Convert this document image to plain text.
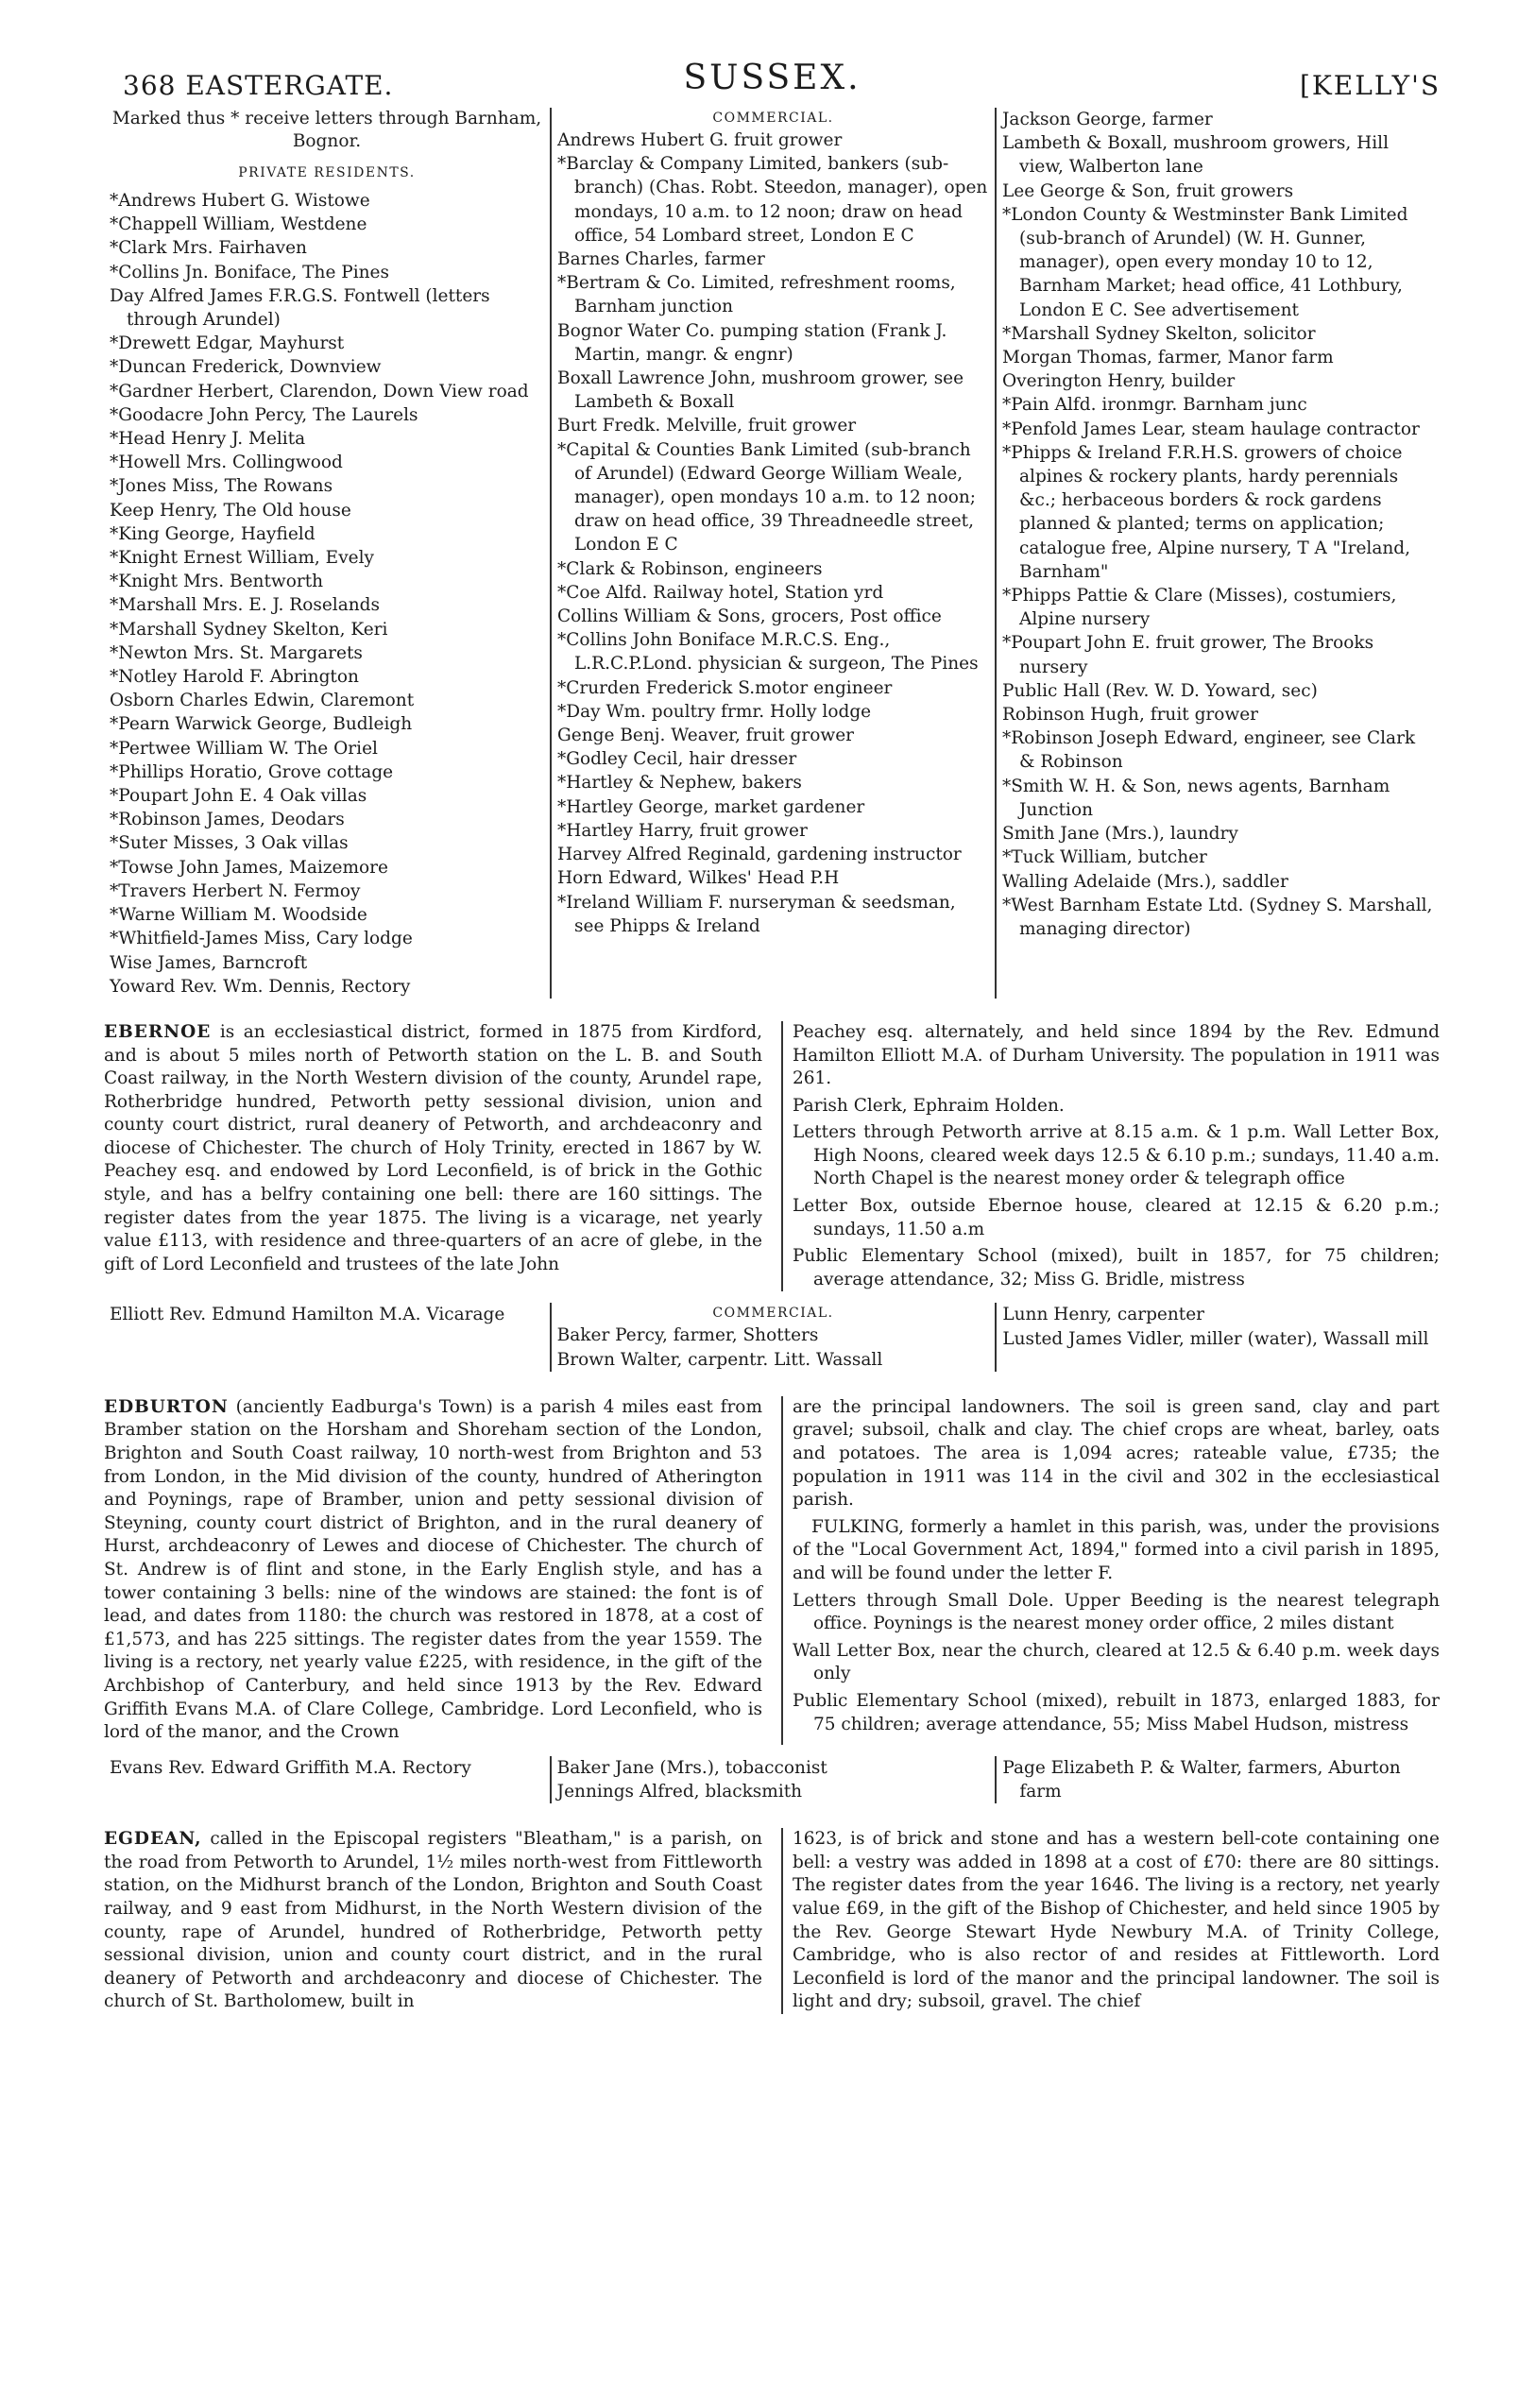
368 EASTERGATE.	SUSSEX.	[KELLY'S
Marked thus * receive letters through Barnham, Bognor.
PRIVATE RESIDENTS.
*Andrews Hubert G. Wistowe
*Chappell William, Westdene
*Clark Mrs. Fairhaven
*Collins Jn. Boniface, The Pines
Day Alfred James F.R.G.S. Fontwell (letters through Arundel)
*Drewett Edgar, Mayhurst
*Duncan Frederick, Downview
*Gardner Herbert, Clarendon, Down View road
*Goodacre John Percy, The Laurels
*Head Henry J. Melita
*Howell Mrs. Collingwood
*Jones Miss, The Rowans
Keep Henry, The Old house
*King George, Hayfield
*Knight Ernest William, Evely
*Knight Mrs. Bentworth
*Marshall Mrs. E. J. Roselands
*Marshall Sydney Skelton, Keri
*Newton Mrs. St. Margarets
*Notley Harold F. Abrington
Osborn Charles Edwin, Claremont
*Pearn Warwick George, Budleigh
*Pertwee William W. The Oriel
*Phillips Horatio, Grove cottage
*Poupart John E. 4 Oak villas
*Robinson James, Deodars
*Suter Misses, 3 Oak villas
*Towse John James, Maizemore
*Travers Herbert N. Fermoy
*Warne William M. Woodside
*Whitfield-James Miss, Cary lodge
Wise James, Barncroft
Yoward Rev. Wm. Dennis, Rectory
COMMERCIAL.
Andrews Hubert G. fruit grower
*Barclay & Company Limited, bankers (sub-branch) (Chas. Robt. Steedon, manager), open mondays, 10 a.m. to 12 noon; draw on head office, 54 Lombard street, London E C
Barnes Charles, farmer
*Bertram & Co. Limited, refreshment rooms, Barnham junction
Bognor Water Co. pumping station (Frank J. Martin, mangr. & engnr)
Boxall Lawrence John, mushroom grower, see Lambeth & Boxall
Burt Fredk. Melville, fruit grower
*Capital & Counties Bank Limited (sub-branch of Arundel) (Edward George William Weale, manager), open mondays 10 a.m. to 12 noon; draw on head office, 39 Threadneedle street, London E C
*Clark & Robinson, engineers
*Coe Alfd. Railway hotel, Station yrd
Collins William & Sons, grocers, Post office
*Collins John Boniface M.R.C.S. Eng., L.R.C.P.Lond. physician & surgeon, The Pines
*Crurden Frederick S.motor engineer
*Day Wm. poultry frmr. Holly lodge
Genge Benj. Weaver, fruit grower
*Godley Cecil, hair dresser
*Hartley & Nephew, bakers
*Hartley George, market gardener
*Hartley Harry, fruit grower
Harvey Alfred Reginald, gardening instructor
Horn Edward, Wilkes' Head P.H
*Ireland William F. nurseryman & seedsman, see Phipps & Ireland
Jackson George, farmer
Lambeth & Boxall, mushroom growers, Hill view, Walberton lane
Lee George & Son, fruit growers
*London County & Westminster Bank Limited (sub-branch of Arundel) (W. H. Gunner, manager), open every monday 10 to 12, Barnham Market; head office, 41 Lothbury, London E C. See advertisement
*Marshall Sydney Skelton, solicitor
Morgan Thomas, farmer, Manor farm
Overington Henry, builder
*Pain Alfd. ironmgr. Barnham junc
*Penfold James Lear, steam haulage contractor
*Phipps & Ireland F.R.H.S. growers of choice alpines & rockery plants, hardy perennials &c.; herbaceous borders & rock gardens planned & planted; terms on application; catalogue free, Alpine nursery, T A "Ireland, Barnham"
*Phipps Pattie & Clare (Misses), costumiers, Alpine nursery
*Poupart John E. fruit grower, The Brooks nursery
Public Hall (Rev. W. D. Yoward, sec)
Robinson Hugh, fruit grower
*Robinson Joseph Edward, engineer, see Clark & Robinson
*Smith W. H. & Son, news agents, Barnham Junction
Smith Jane (Mrs.), laundry
*Tuck William, butcher
Walling Adelaide (Mrs.), saddler
*West Barnham Estate Ltd. (Sydney S. Marshall, managing director)
EBERNOE is an ecclesiastical district, formed in 1875 from Kirdford, and is about 5 miles north of Petworth station on the L. B. and South Coast railway, in the North Western division of the county, Arundel rape, Rotherbridge hundred, Petworth petty sessional division, union and county court district, rural deanery of Petworth, and archdeaconry and diocese of Chichester. The church of Holy Trinity, erected in 1867 by W. Peachey esq. and endowed by Lord Leconfield, is of brick in the Gothic style, and has a belfry containing one bell: there are 160 sittings. The register dates from the year 1875. The living is a vicarage, net yearly value £113, with residence and three-quarters of an acre of glebe, in the gift of Lord Leconfield and trustees of the late John
Peachey esq. alternately, and held since 1894 by the Rev. Edmund Hamilton Elliott M.A. of Durham University. The population in 1911 was 261.
Parish Clerk, Ephraim Holden.
Letters through Petworth arrive at 8.15 a.m. & 1 p.m. Wall Letter Box, High Noons, cleared week days 12.5 & 6.10 p.m.; sundays, 11.40 a.m. North Chapel is the nearest money order & telegraph office
Letter Box, outside Ebernoe house, cleared at 12.15 & 6.20 p.m.; sundays, 11.50 a.m
Public Elementary School (mixed), built in 1857, for 75 children; average attendance, 32; Miss G. Bridle, mistress
Elliott Rev. Edmund Hamilton M.A. Vicarage	COMMERCIAL.
Baker Percy, farmer, Shotters
Brown Walter, carpentr. Litt. Wassall
Lunn Henry, carpenter
Lusted James Vidler, miller (water), Wassall mill
EDBURTON (anciently Eadburga's Town) is a parish 4 miles east from Bramber station on the Horsham and Shoreham section of the London, Brighton and South Coast railway, 10 north-west from Brighton and 53 from London, in the Mid division of the county, hundred of Atherington and Poynings, rape of Bramber, union and petty sessional division of Steyning, county court district of Brighton, and in the rural deanery of Hurst, archdeaconry of Lewes and diocese of Chichester. The church of St. Andrew is of flint and stone, in the Early English style, and has a tower containing 3 bells: nine of the windows are stained: the font is of lead, and dates from 1180: the church was restored in 1878, at a cost of £1,573, and has 225 sittings. The register dates from the year 1559. The living is a rectory, net yearly value £225, with residence, in the gift of the Archbishop of Canterbury, and held since 1913 by the Rev. Edward Griffith Evans M.A. of Clare College, Cambridge. Lord Leconfield, who is lord of the manor, and the Crown
are the principal landowners. The soil is green sand, clay and part gravel; subsoil, chalk and clay. The chief crops are wheat, barley, oats and potatoes. The area is 1,094 acres; rateable value, £735; the population in 1911 was 114 in the civil and 302 in the ecclesiastical parish.
FULKING, formerly a hamlet in this parish, was, under the provisions of the "Local Government Act, 1894," formed into a civil parish in 1895, and will be found under the letter F.
Letters through Small Dole. Upper Beeding is the nearest telegraph office. Poynings is the nearest money order office, 2 miles distant
Wall Letter Box, near the church, cleared at 12.5 & 6.40 p.m. week days only
Public Elementary School (mixed), rebuilt in 1873, enlarged 1883, for 75 children; average attendance, 55; Miss Mabel Hudson, mistress
Evans Rev. Edward Griffith M.A. Rectory	Baker Jane (Mrs.), tobacconist
Jennings Alfred, blacksmith
Page Elizabeth P. & Walter, farmers, Aburton farm
EGDEAN, called in the Episcopal registers "Bleatham," is a parish, on the road from Petworth to Arundel, 1½ miles north-west from Fittleworth station, on the Midhurst branch of the London, Brighton and South Coast railway, and 9 east from Midhurst, in the North Western division of the county, rape of Arundel, hundred of Rotherbridge, Petworth petty sessional division, union and county court district, and in the rural deanery of Petworth and archdeaconry and diocese of Chichester. The church of St. Bartholomew, built in
1623, is of brick and stone and has a western bell-cote containing one bell: a vestry was added in 1898 at a cost of £70: there are 80 sittings. The register dates from the year 1646. The living is a rectory, net yearly value £69, in the gift of the Bishop of Chichester, and held since 1905 by the Rev. George Stewart Hyde Newbury M.A. of Trinity College, Cambridge, who is also rector of and resides at Fittleworth. Lord Leconfield is lord of the manor and the principal landowner. The soil is light and dry; subsoil, gravel. The chief
